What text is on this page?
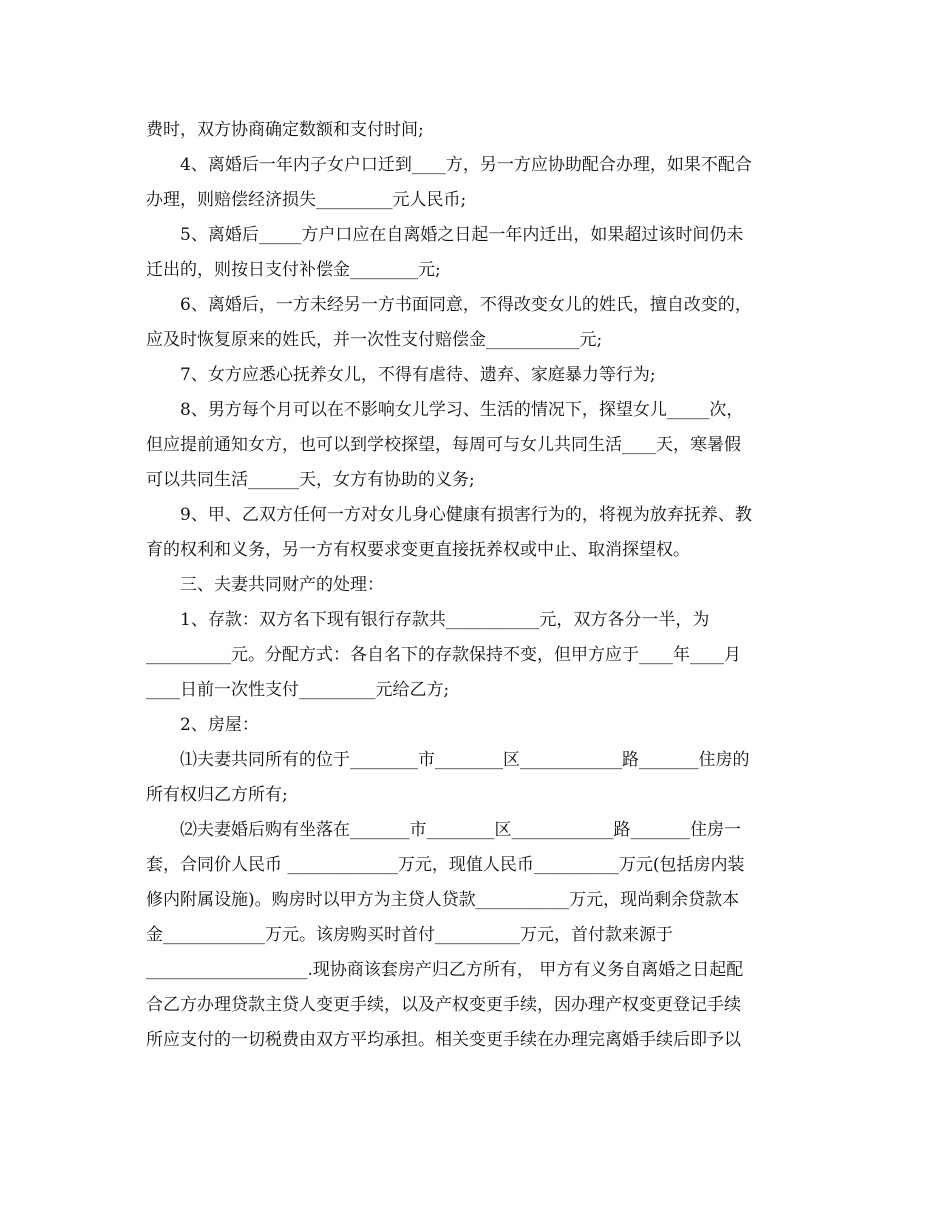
费时，双方协商确定数额和支付时间;
4、离婚后一年内子女户口迁到____方，另一方应协助配合办理，如果不配合
办理，则赔偿经济损失_________元人民币;
5、离婚后_____方户口应在自离婚之日起一年内迁出，如果超过该时间仍未
迁出的，则按日支付补偿金________元;
6、离婚后，一方未经另一方书面同意，不得改变女儿的姓氏，擅自改变的，
应及时恢复原来的姓氏，并一次性支付赔偿金___________元;
7、女方应悉心抚养女儿，不得有虐待、遗弃、家庭暴力等行为;
8、男方每个月可以在不影响女儿学习、生活的情况下，探望女儿_____次，
但应提前通知女方，也可以到学校探望，每周可与女儿共同生活____天，寒暑假
可以共同生活______天，女方有协助的义务;
9、甲、乙双方任何一方对女儿身心健康有损害行为的，将视为放弃抚养、教
育的权利和义务，另一方有权要求变更直接抚养权或中止、取消探望权。
三、夫妻共同财产的处理：
1、存款：双方名下现有银行存款共___________元，双方各分一半，为
__________元。分配方式：各自名下的存款保持不变，但甲方应于____年____月
____日前一次性支付_________元给乙方;
2、房屋：
⑴夫妻共同所有的位于________市________区____________路_______住房的
所有权归乙方所有;
⑵夫妻婚后购有坐落在_______市________区____________路_______住房一
套，合同价人民币 _____________万元，现值人民币__________万元(包括房内装
修内附属设施)。购房时以甲方为主贷人贷款___________万元，现尚剩余贷款本
金____________万元。该房购买时首付__________万元，首付款来源于
___________________.现协商该套房产归乙方所有， 甲方有义务自离婚之日起配
合乙方办理贷款主贷人变更手续，以及产权变更手续，因办理产权变更登记手续
所应支付的一切税费由双方平均承担。相关变更手续在办理完离婚手续后即予以
